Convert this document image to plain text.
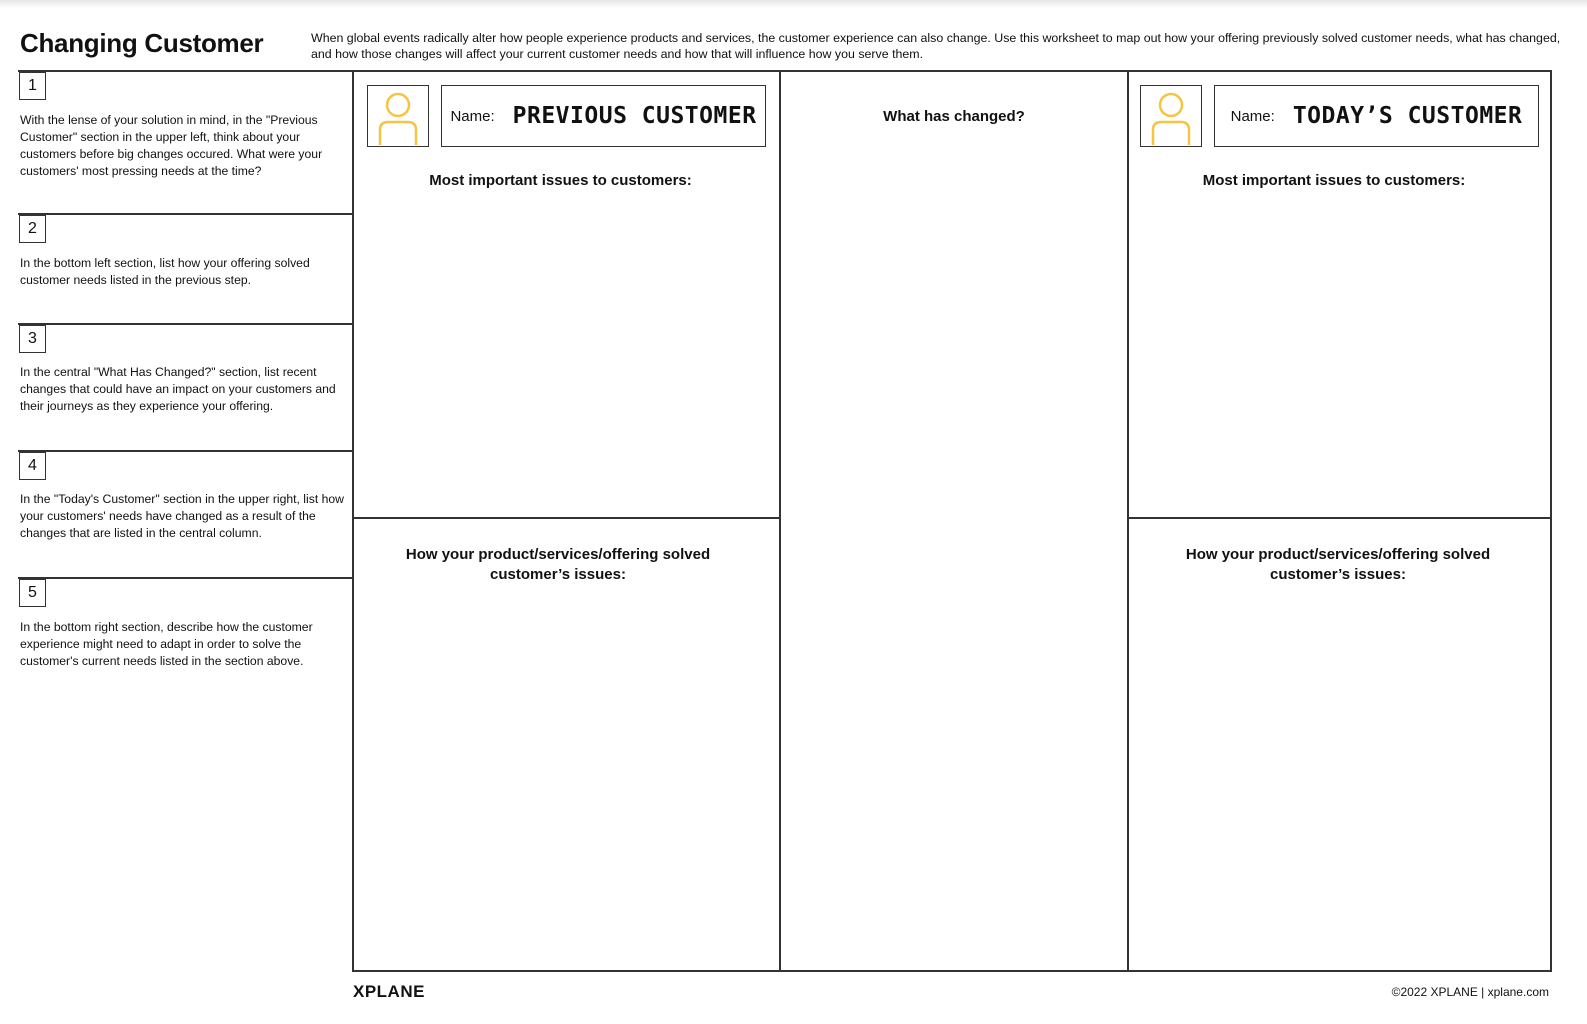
Changing Customer	When global events radically alter how people experience products and services, the customer experience can also change. Use this worksheet to map out how your offering previously solved customer needs, what has changed, and how those changes will affect your current customer needs and how that will influence how you serve them.
1
With the lense of your solution in mind, in the "Previous Customer" section in the upper left, think about your customers before big changes occured. What were your customers' most pressing needs at the time?
2
In the bottom left section, list how your offering solved customer needs listed in the previous step.
3
In the central "What Has Changed?" section, list recent changes that could have an impact on your customers and their journeys as they experience your offering.
4
In the "Today's Customer" section in the upper right, list how your customers' needs have changed as a result of the changes that are listed in the central column.
5
In the bottom right section, describe how the customer experience might need to adapt in order to solve the customer's current needs listed in the section above.
Name: PREVIOUS CUSTOMER
Most important issues to customers:
How your product/services/offering solved customer’s issues:
What has changed?	Name: TODAY’S CUSTOMER
Most important issues to customers:
How your product/services/offering solved customer’s issues:
XPLANE	©2022 XPLANE | xplane.com
